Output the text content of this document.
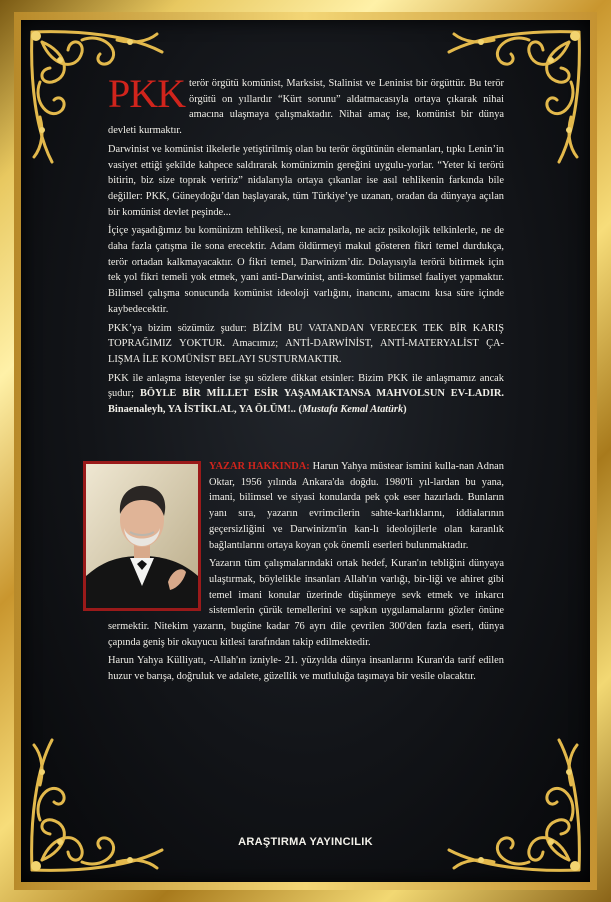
PKK terör örgütü komünist, Marksist, Stalinist ve Leninist bir örgüttür. Bu terör örgütü on yıllardır “Kürt sorunu” aldatmacasıyla ortaya çıkarak nihai amacına ulaşmaya çalışmaktadır. Nihai amaç ise, komünist bir dünya devleti kurmaktır.

Darwinist ve komünist ilkelerle yetiştirilmiş olan bu terör örgütünün elemanları, tıpkı Lenin’in vasiyet ettiği şekilde kahpece saldırarak komünizmin gereğini uygulu-yorlar. “Yeter ki terörü bitirin, biz size toprak veririz” nidalarıyla ortaya çıkanlar ise asıl tehlikenin farkında bile değiller: PKK, Güneydoğu’dan başlayarak, tüm Türkiye’ye uzanan, oradan da dünyaya açılan bir komünist devlet peşinde...

İçiçe yaşadığımız bu komünizm tehlikesi, ne kınamalarla, ne aciz psikolojik telkinlerle, ne de daha fazla çatışma ile sona erecektir. Adam öldürmeyi makul gösteren fikri temel durdukça, terör ortadan kalkmayacaktır. O fikri temel, Darwinizm’dir. Dolayısıyla terörü bitirmek için tek yol fikri temeli yok etmek, yani anti-Darwinist, anti-komünist bilimsel faaliyet yapmaktır. Bilimsel çalışma sonucunda komünist ideoloji varlığını, inancını, amacını kısa süre içinde kaybedecektir.

PKK’ya bizim sözümüz şudur: BİZİM BU VATANDAN VERECEK TEK BİR KARIŞ TOPRAĞIMIZ YOKTUR. Amacımız; ANTİ-DARWİNİST, ANTİ-MATERYALİST ÇA-LIŞMA İLE KOMÜNİST BELAYI SUSTURMAKTIR.

PKK ile anlaşma isteyenler ise şu sözlere dikkat etsinler: Bizim PKK ile anlaşmamız ancak şudur; BÖYLE BİR MİLLET ESİR YAŞAMAKTANSA MAHVOLSUN EV-LADIR. Binaenaleyh, YA İSTİKLAL, YA ÖLÜM!.. (Mustafa Kemal Atatürk)

YAZAR HAKKINDA: Harun Yahya müstear ismini kulla-nan Adnan Oktar, 1956 yılında Ankara'da doğdu. 1980'li yıl-lardan bu yana, imani, bilimsel ve siyasi konularda pek çok eser hazırladı. Bunların yanı sıra, yazarın evrimcilerin sahte-karlıklarını, iddialarının geçersizliğini ve Darwinizm'in kan-lı ideolojilerle olan karanlık bağlantılarını ortaya koyan çok önemli eserleri bulunmaktadır.

Yazarın tüm çalışmalarındaki ortak hedef, Kuran'ın tebliğini dünyaya ulaştırmak, böylelikle insanları Allah'ın varlığı, bir-liği ve ahiret gibi temel imani konular üzerinde düşünmeye sevk etmek ve inkarcı sistemlerin çürük temellerini ve sapkın uygulamalarını gözler önüne sermektir. Nitekim yazarın, bugüne kadar 76 ayrı dile çevrilen 300'den fazla eseri, dünya çapında geniş bir okuyucu kitlesi tarafından takip edilmektedir.

Harun Yahya Külliyatı, -Allah'ın izniyle- 21. yüzyılda dünya insanlarını Kuran'da tarif edilen huzur ve barışa, doğruluk ve adalete, güzellik ve mutluluğa taşımaya bir vesile olacaktır.

ARAŞTIRMA YAYINCILIK
